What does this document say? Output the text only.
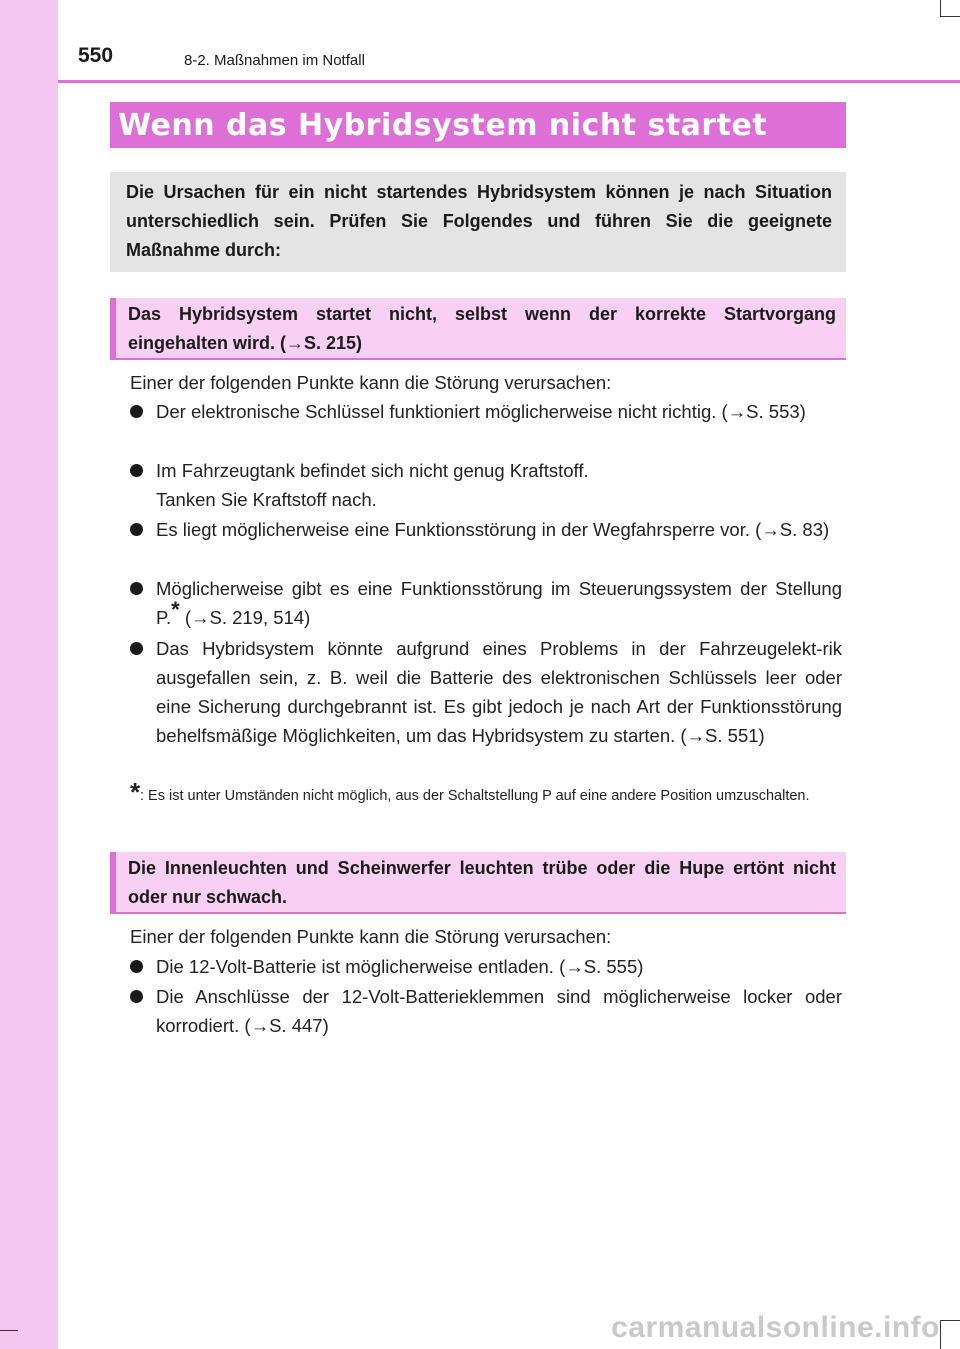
550	8-2. Maßnahmen im Notfall
Wenn das Hybridsystem nicht startet

Die Ursachen für ein nicht startendes Hybridsystem können je nach Situation unterschiedlich sein. Prüfen Sie Folgendes und führen Sie die geeignete Maßnahme durch:

Das Hybridsystem startet nicht, selbst wenn der korrekte Startvorgang eingehalten wird. (→S. 215)

Einer der folgenden Punkte kann die Störung verursachen:
Der elektronische Schlüssel funktioniert möglicherweise nicht richtig. (→S. 553)
Im Fahrzeugtank befindet sich nicht genug Kraftstoff.
Tanken Sie Kraftstoff nach.
Es liegt möglicherweise eine Funktionsstörung in der Wegfahrsperre vor. (→S. 83)
Möglicherweise gibt es eine Funktionsstörung im Steuerungssystem der Stellung P.* (→S. 219, 514)
Das Hybridsystem könnte aufgrund eines Problems in der Fahrzeugelekt-rik ausgefallen sein, z. B. weil die Batterie des elektronischen Schlüssels leer oder eine Sicherung durchgebrannt ist. Es gibt jedoch je nach Art der Funktionsstörung behelfsmäßige Möglichkeiten, um das Hybridsystem zu starten. (→S. 551)
* : Es ist unter Umständen nicht möglich, aus der Schaltstellung P auf eine andere Position umzuschalten.

Die Innenleuchten und Scheinwerfer leuchten trübe oder die Hupe ertönt nicht oder nur schwach.

Einer der folgenden Punkte kann die Störung verursachen:
Die 12-Volt-Batterie ist möglicherweise entladen. (→S. 555)
Die Anschlüsse der 12-Volt-Batterieklemmen sind möglicherweise locker oder korrodiert. (→S. 447)
carmanualsonline.info
